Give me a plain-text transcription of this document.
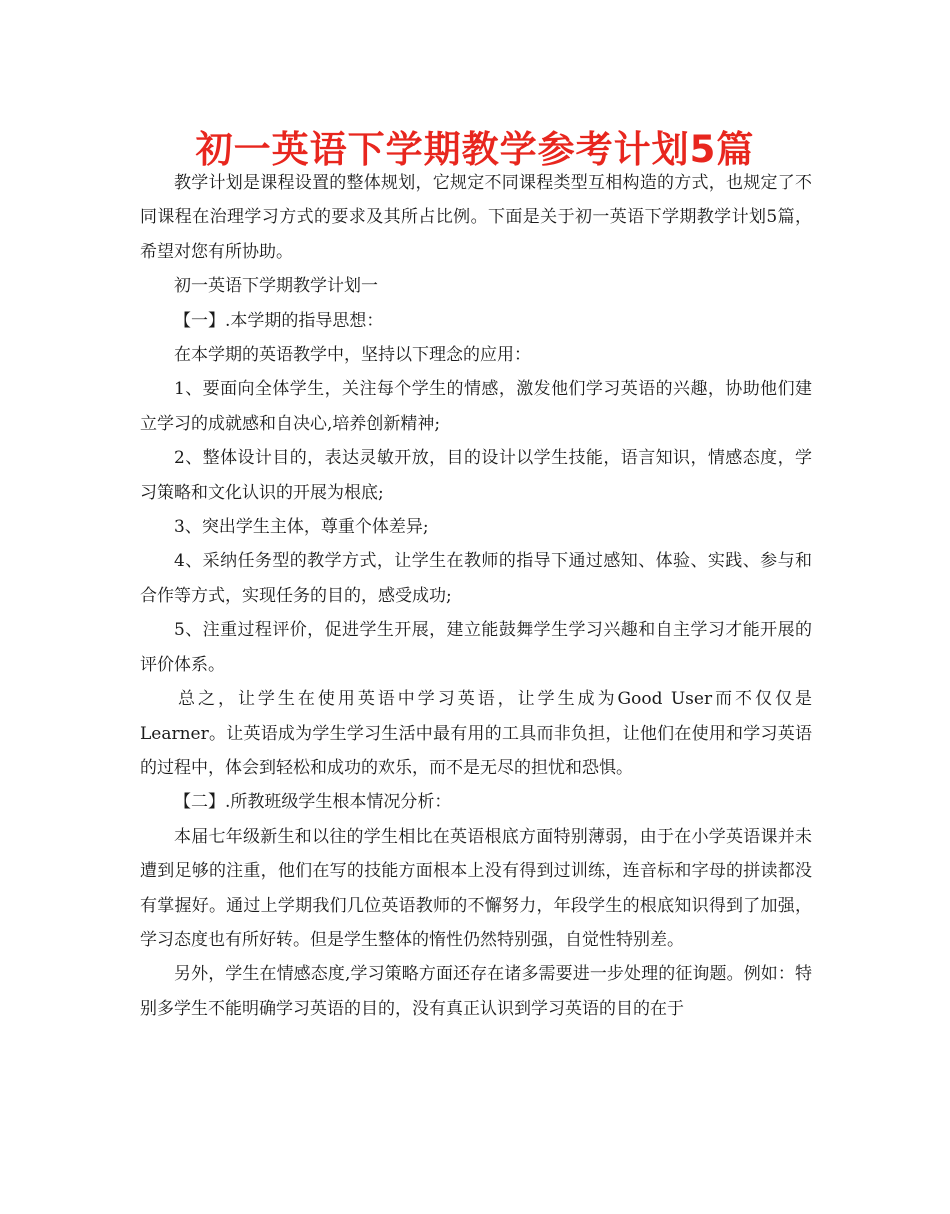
初一英语下学期教学参考计划5篇

教学计划是课程设置的整体规划，它规定不同课程类型互相构造的方式，也规定了不同课程在治理学习方式的要求及其所占比例。下面是关于初一英语下学期教学计划5篇，希望对您有所协助。

初一英语下学期教学计划一

【一】.本学期的指导思想：

在本学期的英语教学中，坚持以下理念的应用：

1、要面向全体学生，关注每个学生的情感，激发他们学习英语的兴趣，协助他们建立学习的成就感和自决心,培养创新精神;

2、整体设计目的，表达灵敏开放，目的设计以学生技能，语言知识，情感态度，学习策略和文化认识的开展为根底;

3、突出学生主体，尊重个体差异;

4、采纳任务型的教学方式，让学生在教师的指导下通过感知、体验、实践、参与和合作等方式，实现任务的目的，感受成功;

5、注重过程评价，促进学生开展，建立能鼓舞学生学习兴趣和自主学习才能开展的评价体系。

总之，让学生在使用英语中学习英语，让学生成为Good User而不仅仅是Learner。让英语成为学生学习生活中最有用的工具而非负担，让他们在使用和学习英语的过程中，体会到轻松和成功的欢乐，而不是无尽的担忧和恐惧。

【二】.所教班级学生根本情况分析：

本届七年级新生和以往的学生相比在英语根底方面特别薄弱，由于在小学英语课并未遭到足够的注重，他们在写的技能方面根本上没有得到过训练，连音标和字母的拼读都没有掌握好。通过上学期我们几位英语教师的不懈努力，年段学生的根底知识得到了加强，学习态度也有所好转。但是学生整体的惰性仍然特别强，自觉性特别差。

另外，学生在情感态度,学习策略方面还存在诸多需要进一步处理的征询题。例如：特别多学生不能明确学习英语的目的，没有真正认识到学习英语的目的在于
